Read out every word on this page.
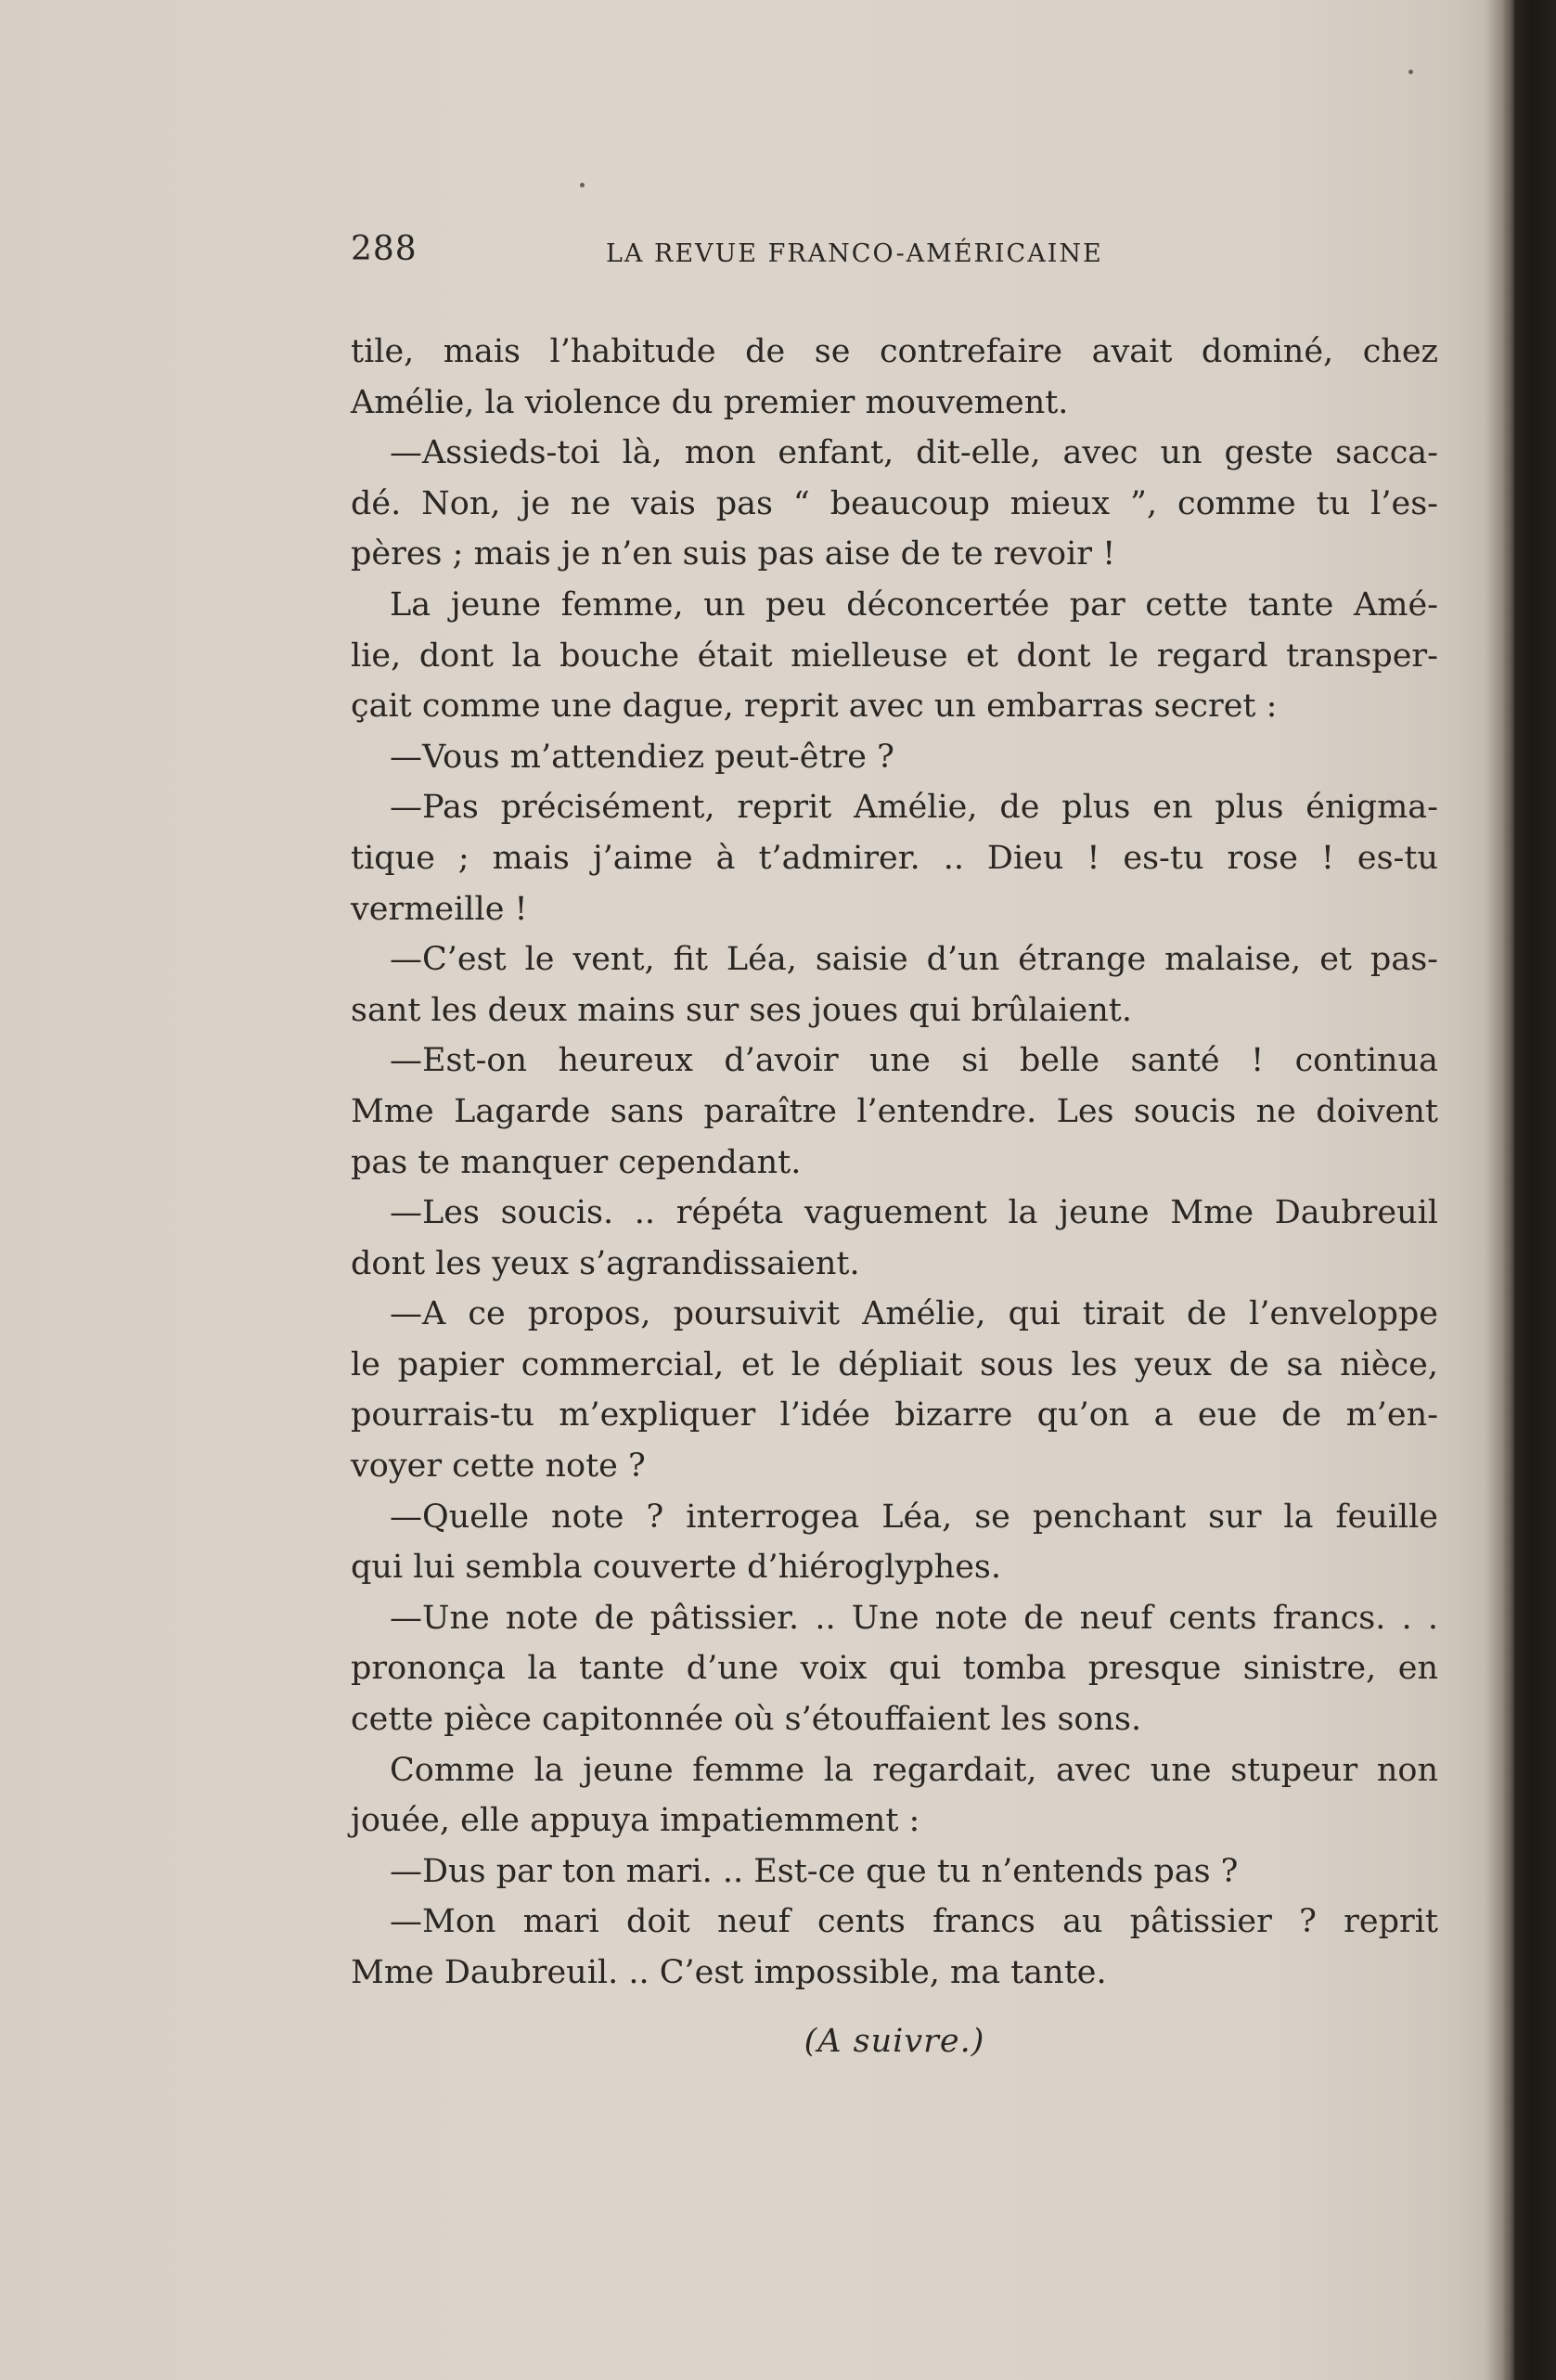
288	LA REVUE FRANCO-AMÉRICAINE
tile, mais l’habitude de se contrefaire avait dominé, chez
Amélie, la violence du premier mouvement.
—Assieds-toi là, mon enfant, dit-elle, avec un geste sacca-
dé. Non, je ne vais pas “ beaucoup mieux ”, comme tu l’es-
pères ; mais je n’en suis pas aise de te revoir !
La jeune femme, un peu déconcertée par cette tante Amé-
lie, dont la bouche était mielleuse et dont le regard transper-
çait comme une dague, reprit avec un embarras secret :
—Vous m’attendiez peut-être ?
—Pas précisément, reprit Amélie, de plus en plus énigma-
tique ; mais j’aime à t’admirer. .. Dieu ! es-tu rose ! es-tu
vermeille !
—C’est le vent, fit Léa, saisie d’un étrange malaise, et pas-
sant les deux mains sur ses joues qui brûlaient.
—Est-on heureux d’avoir une si belle santé ! continua
Mme Lagarde sans paraître l’entendre. Les soucis ne doivent
pas te manquer cependant.
—Les soucis. .. répéta vaguement la jeune Mme Daubreuil
dont les yeux s’agrandissaient.
—A ce propos, poursuivit Amélie, qui tirait de l’enveloppe
le papier commercial, et le dépliait sous les yeux de sa nièce,
pourrais-tu m’expliquer l’idée bizarre qu’on a eue de m’en-
voyer cette note ?
—Quelle note ? interrogea Léa, se penchant sur la feuille
qui lui sembla couverte d’hiéroglyphes.
—Une note de pâtissier. .. Une note de neuf cents francs. . .
prononça la tante d’une voix qui tomba presque sinistre, en
cette pièce capitonnée où s’étouffaient les sons.
Comme la jeune femme la regardait, avec une stupeur non
jouée, elle appuya impatiemment :
—Dus par ton mari. .. Est-ce que tu n’entends pas ?
—Mon mari doit neuf cents francs au pâtissier ? reprit
Mme Daubreuil. .. C’est impossible, ma tante.
(A suivre.)
